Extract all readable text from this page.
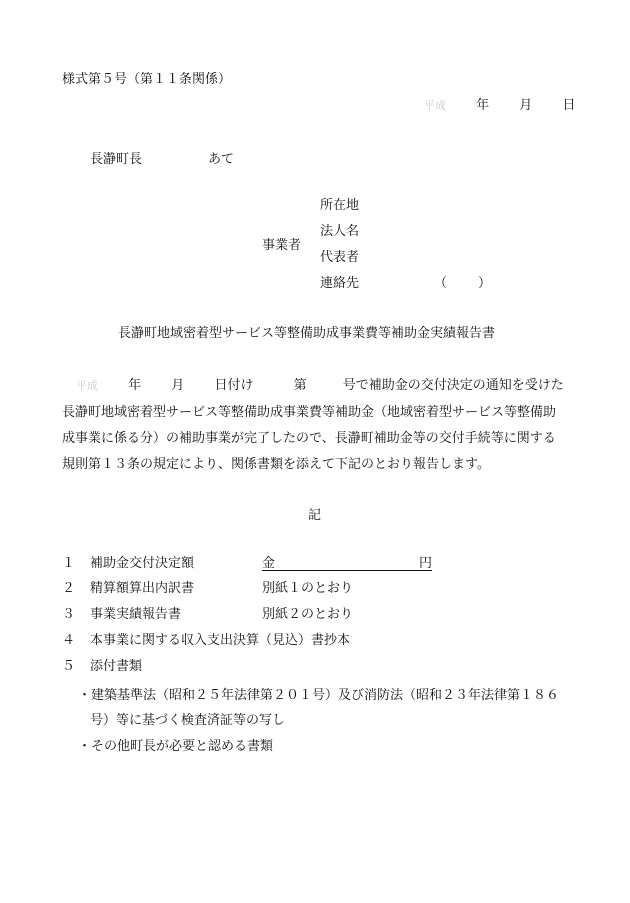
様式第５号（第１１条関係）
平成 年 月 日
長瀞町長	あて
事業者
所在地
法人名
代表者
連絡先	（ ）
長瀞町地域密着型サービス等整備助成事業費等補助金実績報告書
平成 年 月 日付け	第	号で補助金の交付決定の通知を受けた
長瀞町地域密着型サービス等整備助成事業費等補助金（地域密着型サービス等整備助
成事業に係る分）の補助事業が完了したので、長瀞町補助金等の交付手続等に関する
規則第１３条の規定により、関係書類を添えて下記のとおり報告します。
記
１ 補助金交付決定額	金	円
２ 精算額算出内訳書	別紙１のとおり
３ 事業実績報告書	別紙２のとおり
４ 本事業に関する収入支出決算（見込）書抄本
５ 添付書類
・建築基準法（昭和２５年法律第２０１号）及び消防法（昭和２３年法律第１８６
号）等に基づく検査済証等の写し
・その他町長が必要と認める書類
